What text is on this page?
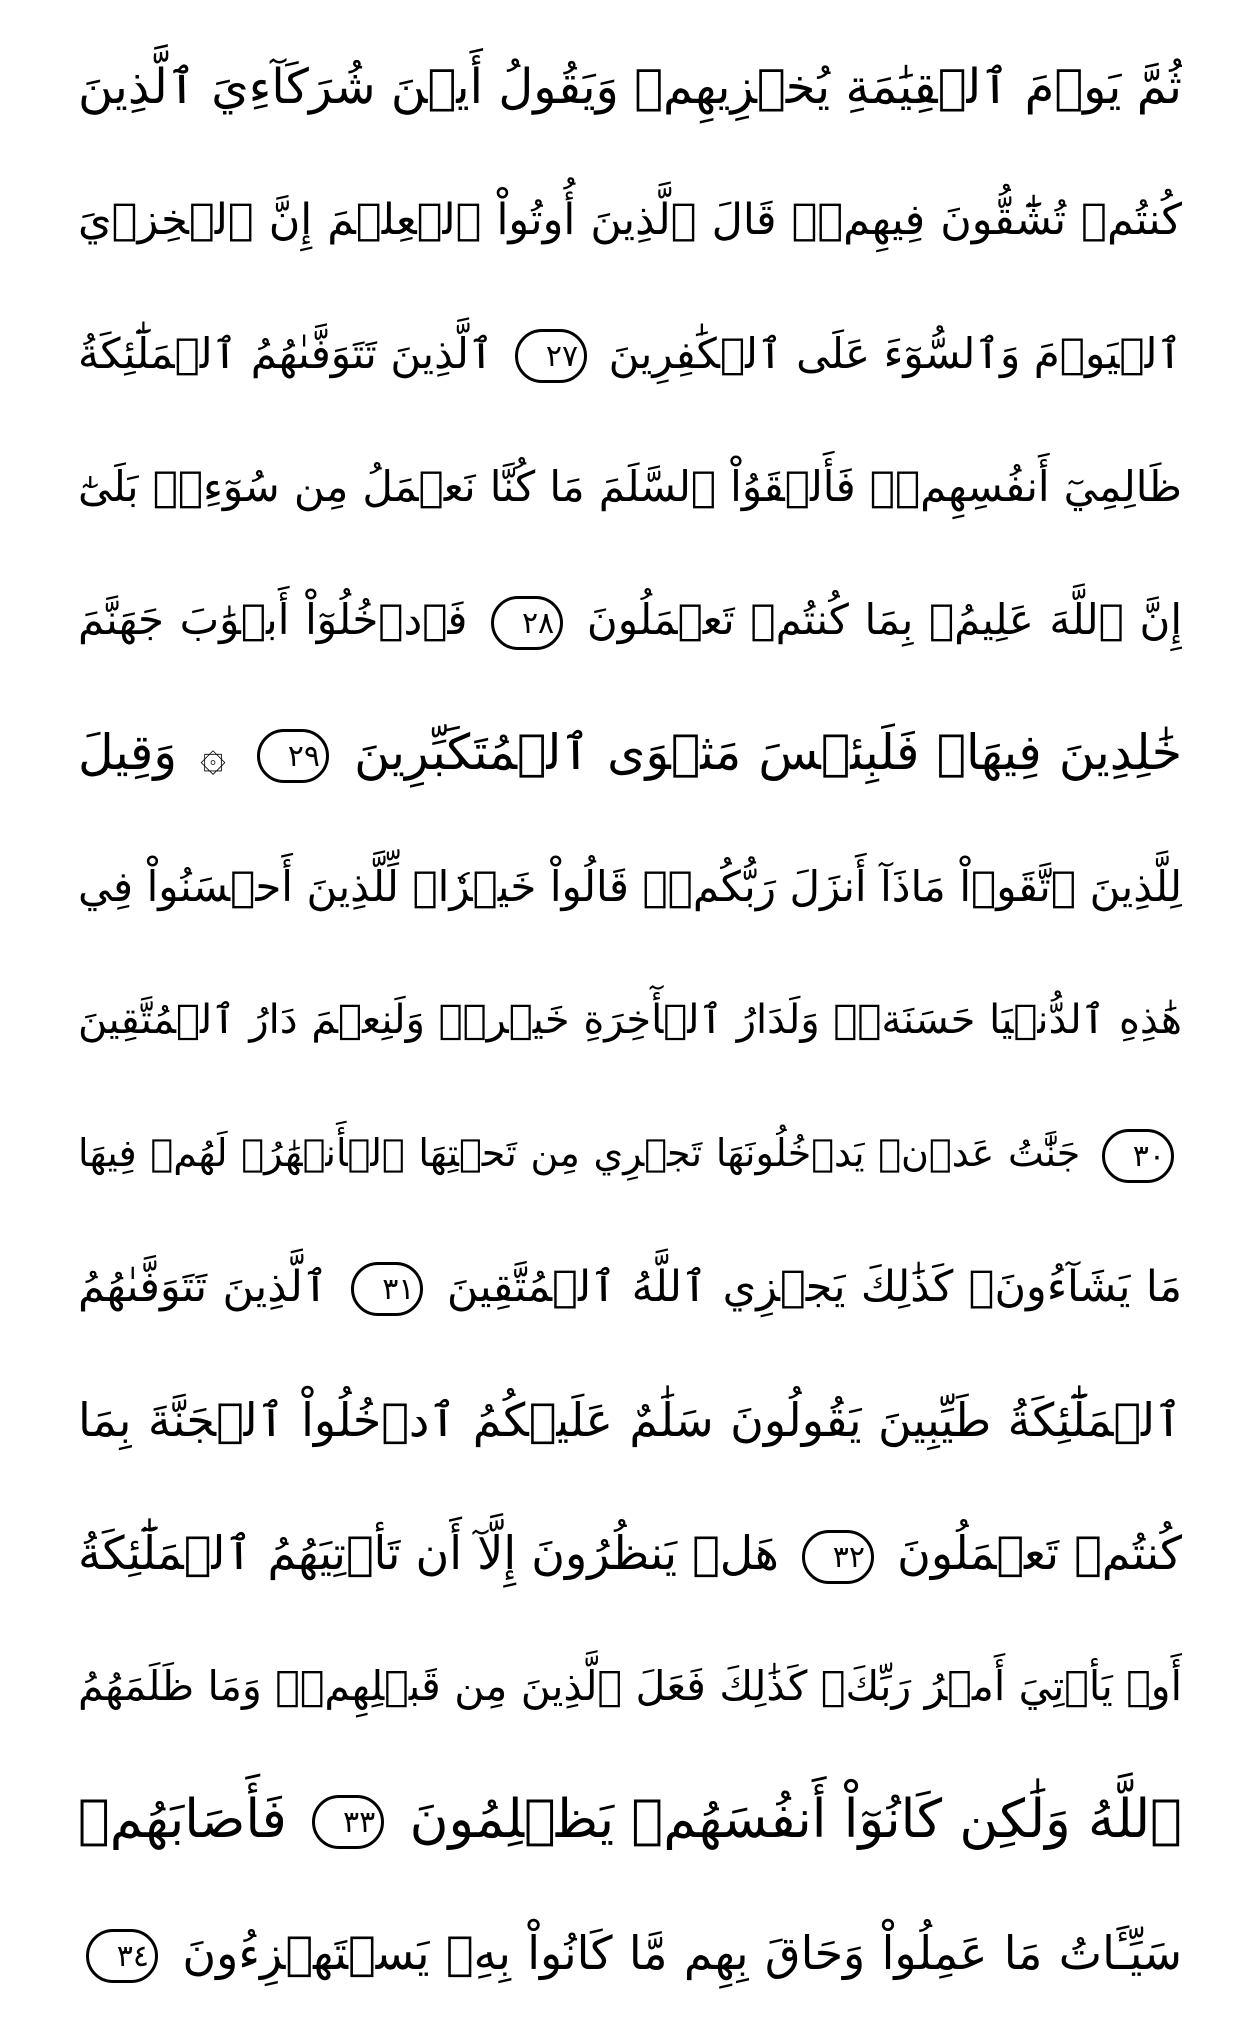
ثُمَّ يَوۡمَ ٱلۡقِيَٰمَةِ يُخۡزِيهِمۡ وَيَقُولُ أَيۡنَ شُرَكَآءِيَ ٱلَّذِينَ
كُنتُمۡ تُشَٰٓقُّونَ فِيهِمۡۚ قَالَ ٱلَّذِينَ أُوتُواْ ٱلۡعِلۡمَ إِنَّ ٱلۡخِزۡيَ
ٱلۡيَوۡمَ وَٱلسُّوٓءَ عَلَى ٱلۡكَٰفِرِينَ ٢٧ ٱلَّذِينَ تَتَوَفَّىٰهُمُ ٱلۡمَلَٰٓئِكَةُ
ظَالِمِيٓ أَنفُسِهِمۡۖ فَأَلۡقَوُاْ ٱلسَّلَمَ مَا كُنَّا نَعۡمَلُ مِن سُوٓءِۭۚ بَلَىٰٓ
إِنَّ ٱللَّهَ عَلِيمُۢ بِمَا كُنتُمۡ تَعۡمَلُونَ ٢٨ فَٱدۡخُلُوٓاْ أَبۡوَٰبَ جَهَنَّمَ
خَٰلِدِينَ فِيهَاۖ فَلَبِئۡسَ مَثۡوَى ٱلۡمُتَكَبِّرِينَ ٢٩ ۞ وَقِيلَ
لِلَّذِينَ ٱتَّقَوۡاْ مَاذَآ أَنزَلَ رَبُّكُمۡۚ قَالُواْ خَيۡرٗاۗ لِّلَّذِينَ أَحۡسَنُواْ فِي
هَٰذِهِ ٱلدُّنۡيَا حَسَنَةٞۚ وَلَدَارُ ٱلۡأٓخِرَةِ خَيۡرٞۚ وَلَنِعۡمَ دَارُ ٱلۡمُتَّقِينَ
٣٠ جَنَّٰتُ عَدۡنٖ يَدۡخُلُونَهَا تَجۡرِي مِن تَحۡتِهَا ٱلۡأَنۡهَٰرُۖ لَهُمۡ فِيهَا
مَا يَشَآءُونَۚ كَذَٰلِكَ يَجۡزِي ٱللَّهُ ٱلۡمُتَّقِينَ ٣١ ٱلَّذِينَ تَتَوَفَّىٰهُمُ
ٱلۡمَلَٰٓئِكَةُ طَيِّبِينَ يَقُولُونَ سَلَٰمٌ عَلَيۡكُمُ ٱدۡخُلُواْ ٱلۡجَنَّةَ بِمَا
كُنتُمۡ تَعۡمَلُونَ ٣٢ هَلۡ يَنظُرُونَ إِلَّآ أَن تَأۡتِيَهُمُ ٱلۡمَلَٰٓئِكَةُ
أَوۡ يَأۡتِيَ أَمۡرُ رَبِّكَۚ كَذَٰلِكَ فَعَلَ ٱلَّذِينَ مِن قَبۡلِهِمۡۚ وَمَا ظَلَمَهُمُ
ٱللَّهُ وَلَٰكِن كَانُوٓاْ أَنفُسَهُمۡ يَظۡلِمُونَ ٣٣ فَأَصَابَهُمۡ
سَيِّـَٔاتُ مَا عَمِلُواْ وَحَاقَ بِهِم مَّا كَانُواْ بِهِۦ يَسۡتَهۡزِءُونَ ٣٤
